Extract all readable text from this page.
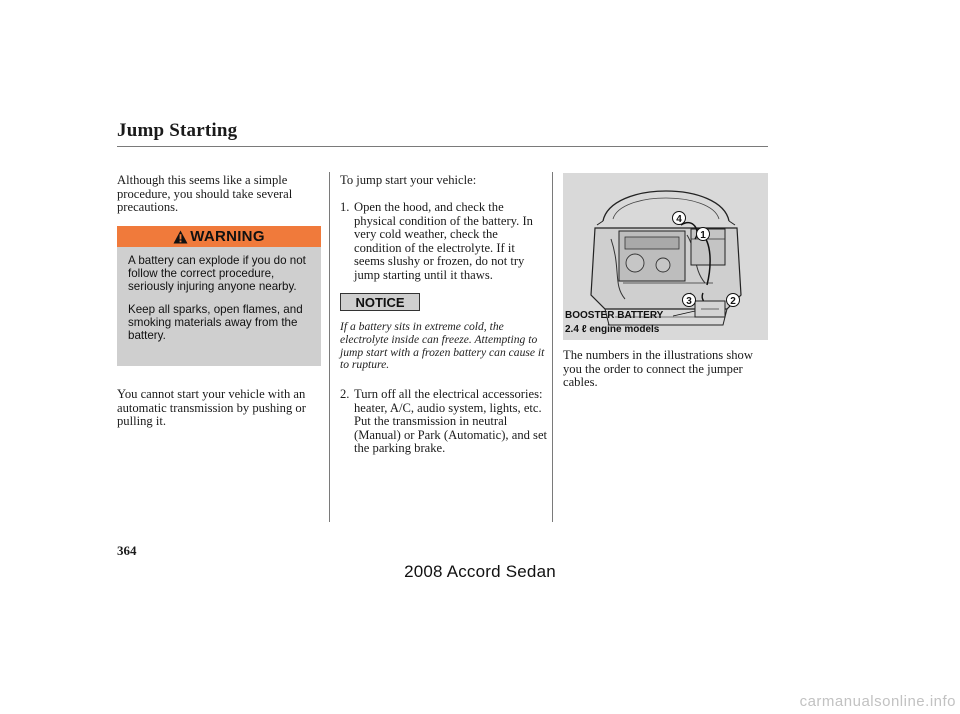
Jump Starting

Although this seems like a simple procedure, you should take several precautions.

WARNING

A battery can explode if you do not follow the correct procedure, seriously injuring anyone nearby.

Keep all sparks, open flames, and smoking materials away from the battery.

You cannot start your vehicle with an automatic transmission by pushing or pulling it.

To jump start your vehicle:

1. Open the hood, and check the physical condition of the battery. In very cold weather, check the condition of the electrolyte. If it seems slushy or frozen, do not try jump starting until it thaws.
NOTICE

If a battery sits in extreme cold, the electrolyte inside can freeze. Attempting to jump start with a frozen battery can cause it to rupture.

2. Turn off all the electrical accessories: heater, A/C, audio system, lights, etc. Put the transmission in neutral (Manual) or Park (Automatic), and set the parking brake.
4
1
3	2
BOOSTER BATTERY
2.4 ℓ engine models

The numbers in the illustrations show you the order to connect the jumper cables.

364
2008 Accord Sedan
carmanualsonline.info
